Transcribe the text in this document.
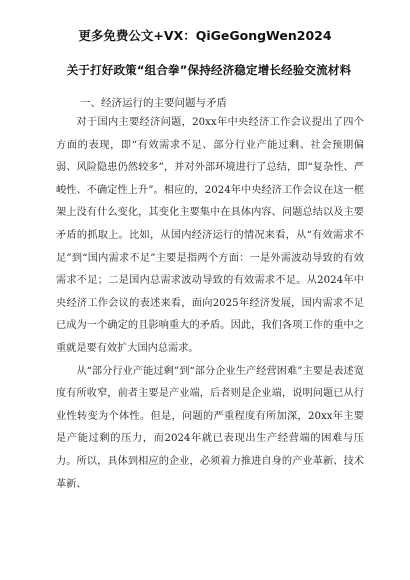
更多免费公文+VX：QiGeGongWen2024
关于打好政策“组合拳”保持经济稳定增长经验交流材料
一、经济运行的主要问题与矛盾

对于国内主要经济问题，20xx年中央经济工作会议提出了四个方面的表现，即“有效需求不足、部分行业产能过剩、社会预期偏弱、风险隐患仍然较多”，并对外部环境进行了总结，即“复杂性、严峻性、不确定性上升”。相应的，2024年中央经济工作会议在这一框架上没有什么变化，其变化主要集中在具体内容、问题总结以及主要矛盾的抓取上。比如，从国内经济运行的情况来看，从“有效需求不足”到“国内需求不足”主要是指两个方面：一是外需波动导致的有效需求不足；二是国内总需求波动导致的有效需求不足。从2024年中央经济工作会议的表述来看，面向2025年经济发展，国内需求不足已成为一个确定的且影响重大的矛盾。因此，我们各项工作的重中之重就是要有效扩大国内总需求。

从“部分行业产能过剩”到“部分企业生产经营困难”主要是表述宽度有所收窄，前者主要是产业端，后者则是企业端，说明问题已从行业性转变为个体性。但是，问题的严重程度有所加深，20xx年主要是产能过剩的压力，而2024年就已表现出生产经营端的困难与压力。所以，具体到相应的企业，必须着力推进自身的产业革新、技术革新、
